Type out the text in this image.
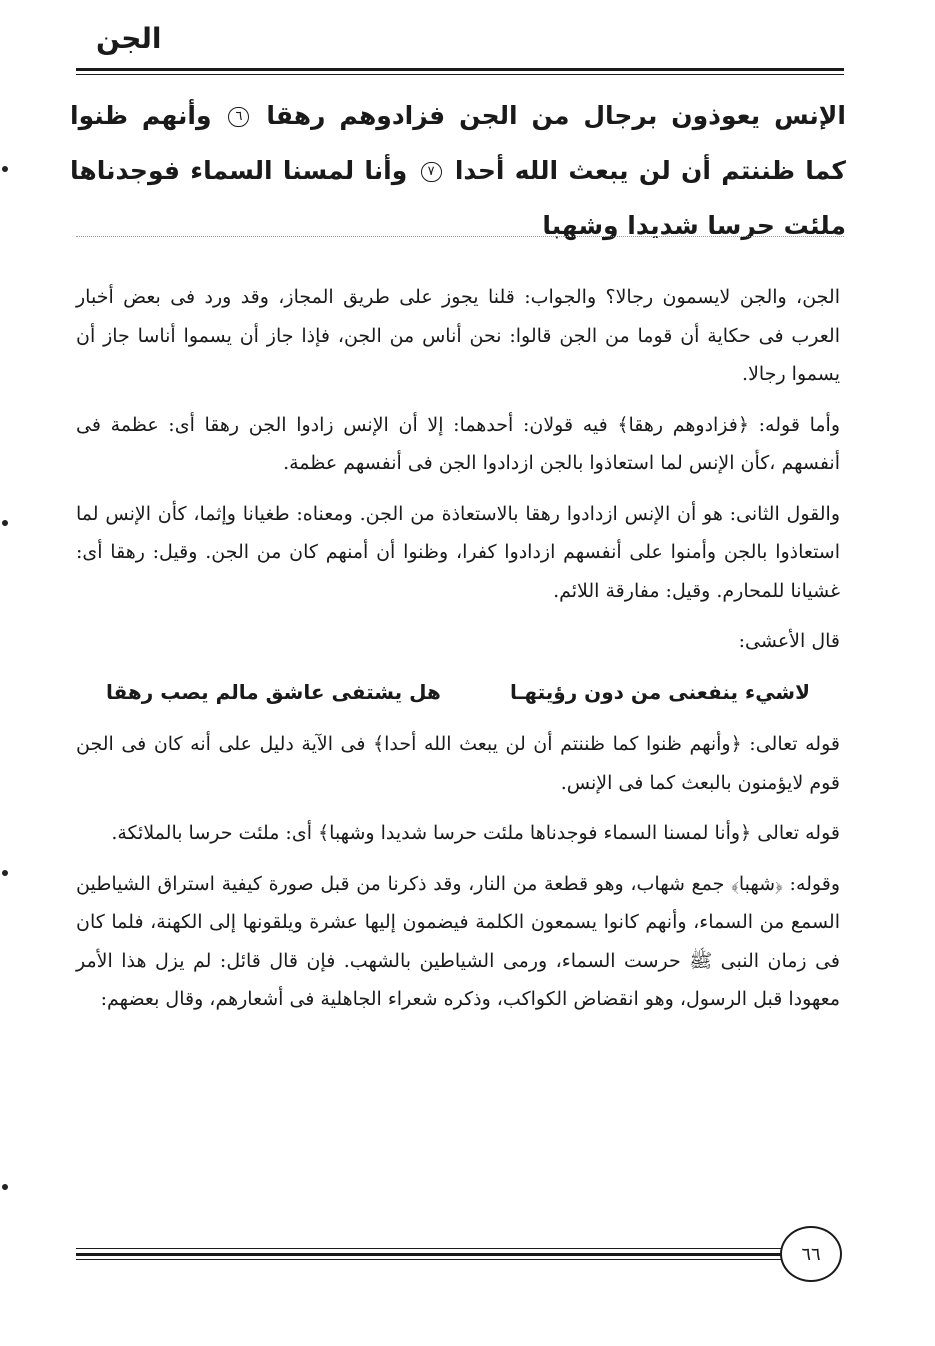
الجن
الإنس يعوذون برجال من الجن فزادوهم رهقا ٦ وأنهم ظنوا كما ظننتم أن لن يبعث الله أحدا ٧ وأنا لمسنا السماء فوجدناها ملئت حرسا شديدا وشهبا

الجن، والجن لايسمون رجالا؟ والجواب: قلنا يجوز على طريق المجاز، وقد ورد فى بعض أخبار العرب فى حكاية أن قوما من الجن قالوا: نحن أناس من الجن، فإذا جاز أن يسموا أناسا جاز أن يسموا رجالا.

وأما قوله: ﴿فزادوهم رهقا﴾ فيه قولان: أحدهما: إلا أن الإنس زادوا الجن رهقا أى: عظمة فى أنفسهم ،كأن الإنس لما استعاذوا بالجن ازدادوا الجن فى أنفسهم عظمة.

والقول الثانى: هو أن الإنس ازدادوا رهقا بالاستعاذة من الجن. ومعناه: طغيانا وإثما، كأن الإنس لما استعاذوا بالجن وأمنوا على أنفسهم ازدادوا كفرا، وظنوا أن أمنهم كان من الجن. وقيل: رهقا أى: غشيانا للمحارم. وقيل: مفارقة اللائم.

قال الأعشى:

لاشيء ينفعنى من دون رؤيتهـا
هل يشتفى عاشق مالم يصب رهقا

قوله تعالى: ﴿وأنهم ظنوا كما ظننتم أن لن يبعث الله أحدا﴾ فى الآية دليل على أنه كان فى الجن قوم لايؤمنون بالبعث كما فى الإنس.

قوله تعالى ﴿وأنا لمسنا السماء فوجدناها ملئت حرسا شديدا وشهبا﴾ أى: ملئت حرسا بالملائكة.

وقوله: ﴿شهبا﴾ جمع شهاب، وهو قطعة من النار، وقد ذكرنا من قبل صورة كيفية استراق الشياطين السمع من السماء، وأنهم كانوا يسمعون الكلمة فيضمون إليها عشرة ويلقونها إلى الكهنة، فلما كان فى زمان النبى ﷺ حرست السماء، ورمى الشياطين بالشهب. فإن قال قائل: لم يزل هذا الأمر معهودا قبل الرسول، وهو انقضاض الكواكب، وذكره شعراء الجاهلية فى أشعارهم، وقال بعضهم:

٦٦
